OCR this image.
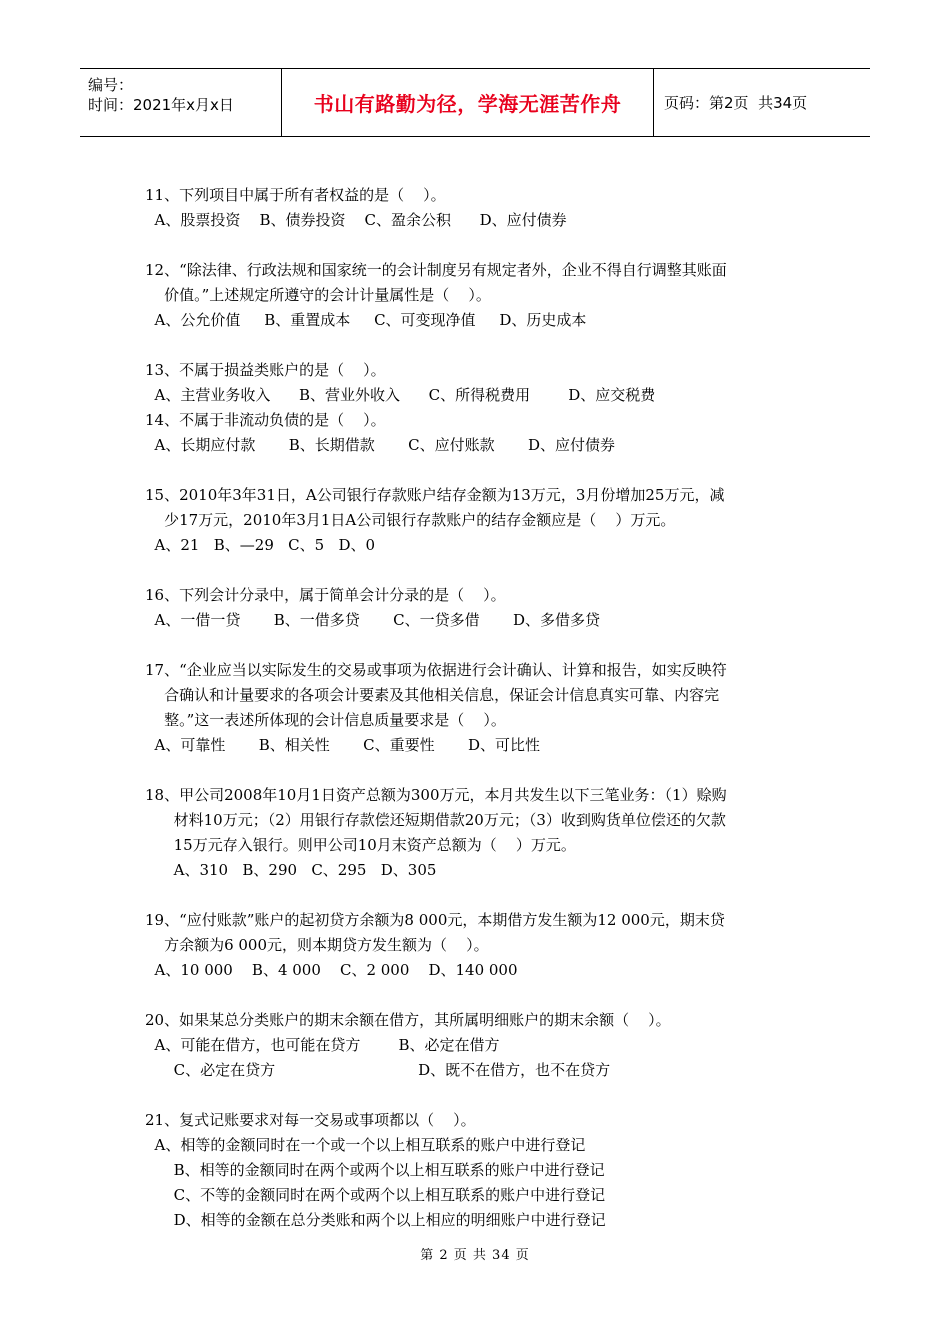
编号：
时间：2021年x月x日	书山有路勤为径，学海无涯苦作舟	页码：第2页  共34页
11、下列项目中属于所有者权益的是（    ）。
A、股票投资    B、债券投资    C、盈余公积      D、应付债券
12、“除法律、行政法规和国家统一的会计制度另有规定者外，企业不得自行调整其账面
价值。”上述规定所遵守的会计计量属性是（    ）。
A、公允价值     B、重置成本     C、可变现净值     D、历史成本
13、不属于损益类账户的是（    ）。
A、主营业务收入      B、营业外收入      C、所得税费用        D、应交税费
14、不属于非流动负债的是（    ）。
A、长期应付款       B、长期借款       C、应付账款       D、应付债券
15、2010年3年31日，A公司银行存款账户结存金额为13万元，3月份增加25万元，减
少17万元，2010年3月1日A公司银行存款账户的结存金额应是（    ）万元。
A、21   B、—29   C、5   D、0
16、下列会计分录中，属于简单会计分录的是（    ）。
A、一借一贷       B、一借多贷       C、一贷多借       D、多借多贷
17、“企业应当以实际发生的交易或事项为依据进行会计确认、计算和报告，如实反映符
合确认和计量要求的各项会计要素及其他相关信息，保证会计信息真实可靠、内容完
整。”这一表述所体现的会计信息质量要求是（    ）。
A、可靠性       B、相关性       C、重要性       D、可比性
18、甲公司2008年10月1日资产总额为300万元，本月共发生以下三笔业务：（1）赊购
材料10万元；（2）用银行存款偿还短期借款20万元；（3）收到购货单位偿还的欠款
15万元存入银行。则甲公司10月末资产总额为（    ）万元。
A、310   B、290   C、295   D、305
19、“应付账款”账户的起初贷方余额为8 000元，本期借方发生额为12 000元，期末贷
方余额为6 000元，则本期贷方发生额为（    ）。
A、10 000    B、4 000    C、2 000    D、140 000
20、如果某总分类账户的期末余额在借方，其所属明细账户的期末余额（    ）。
A、可能在借方，也可能在贷方        B、必定在借方
C、必定在贷方                              D、既不在借方，也不在贷方
21、复式记账要求对每一交易或事项都以（    ）。
A、相等的金额同时在一个或一个以上相互联系的账户中进行登记
B、相等的金额同时在两个或两个以上相互联系的账户中进行登记
C、不等的金额同时在两个或两个以上相互联系的账户中进行登记
D、相等的金额在总分类账和两个以上相应的明细账户中进行登记
第 2 页 共 34 页
